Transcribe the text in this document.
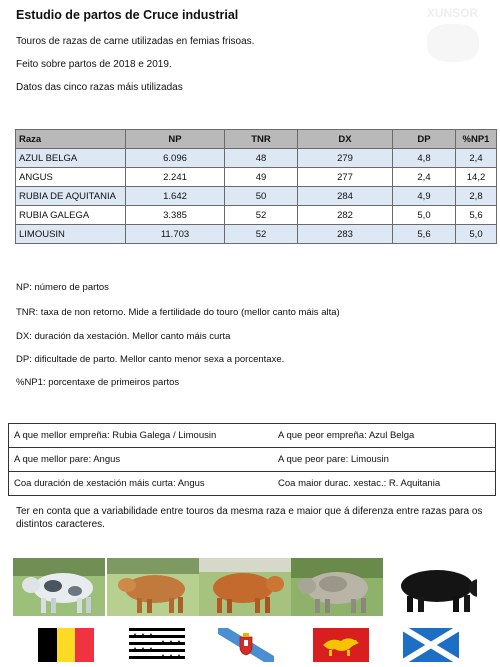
Estudio de partos de Cruce industrial	XUNSOR
Touros de razas de carne utilizadas en femias frisoas.
Feito sobre partos de 2018 e 2019.
Datos das cinco razas máis utilizadas
Raza	NP	TNR	DX	DP	%NP1
AZUL BELGA	6.096	48	279	4,8	2,4
ANGUS	2.241	49	277	2,4	14,2
RUBIA DE AQUITANIA	1.642	50	284	4,9	2,8
RUBIA GALEGA	3.385	52	282	5,0	5,6
LIMOUSIN	11.703	52	283	5,6	5,0
NP: número de partos
TNR: taxa de non retorno. Mide a fertilidade do touro (mellor canto máis alta)
DX: duración da xestación. Mellor canto máis curta
DP: dificultade de parto. Mellor canto menor sexa a porcentaxe.
%NP1: porcentaxe de primeiros partos
A que mellor empreña: Rubia Galega / Limousin	A que peor empreña: Azul Belga
A que mellor pare: Angus	A que peor pare: Limousin
Coa duración de xestación máis curta: Angus	Coa maior durac. xestac.: R. Aquitania
Ter en conta que a variabilidade entre touros da mesma raza e maior que á diferenza entre razas para os distintos caracteres.
